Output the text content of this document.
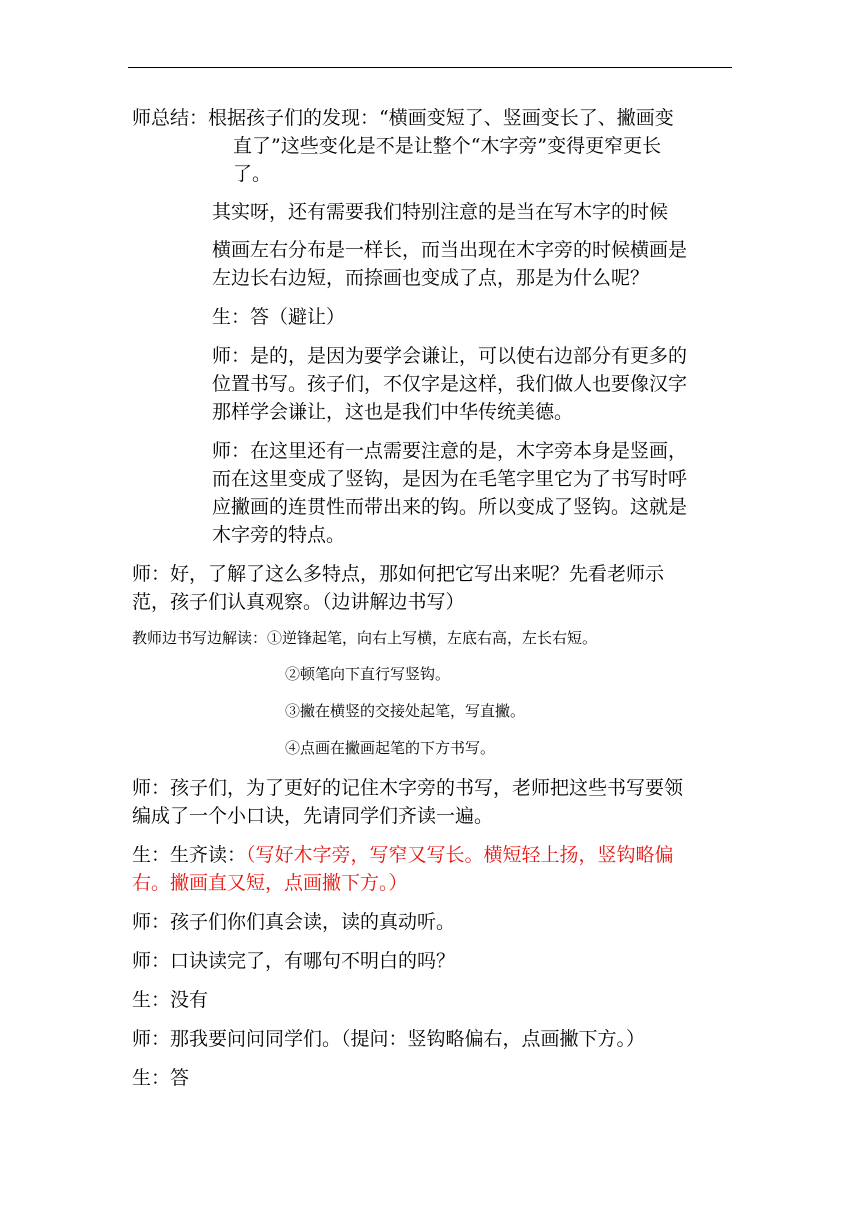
师总结：根据孩子们的发现：“横画变短了、竖画变长了、撇画变
直了”这些变化是不是让整个“木字旁”变得更窄更长
了。
其实呀，还有需要我们特别注意的是当在写木字的时候
横画左右分布是一样长，而当出现在木字旁的时候横画是
左边长右边短，而捺画也变成了点，那是为什么呢？
生：答（避让）
师：是的，是因为要学会谦让，可以使右边部分有更多的
位置书写。孩子们，不仅字是这样，我们做人也要像汉字
那样学会谦让，这也是我们中华传统美德。
师：在这里还有一点需要注意的是，木字旁本身是竖画，
而在这里变成了竖钩，是因为在毛笔字里它为了书写时呼
应撇画的连贯性而带出来的钩。所以变成了竖钩。这就是
木字旁的特点。
师：好，了解了这么多特点，那如何把它写出来呢？先看老师示
范，孩子们认真观察。（边讲解边书写）
教师边书写边解读：①逆锋起笔，向右上写横，左底右高，左长右短。
②顿笔向下直行写竖钩。
③撇在横竖的交接处起笔，写直撇。
④点画在撇画起笔的下方书写。
师：孩子们，为了更好的记住木字旁的书写，老师把这些书写要领
编成了一个小口诀，先请同学们齐读一遍。
生：生齐读：（写好木字旁，写窄又写长。横短轻上扬，竖钩略偏
右。撇画直又短，点画撇下方。）
师：孩子们你们真会读，读的真动听。
师：口诀读完了，有哪句不明白的吗？
生：没有
师：那我要问问同学们。（提问：竖钩略偏右，点画撇下方。）
生：答
